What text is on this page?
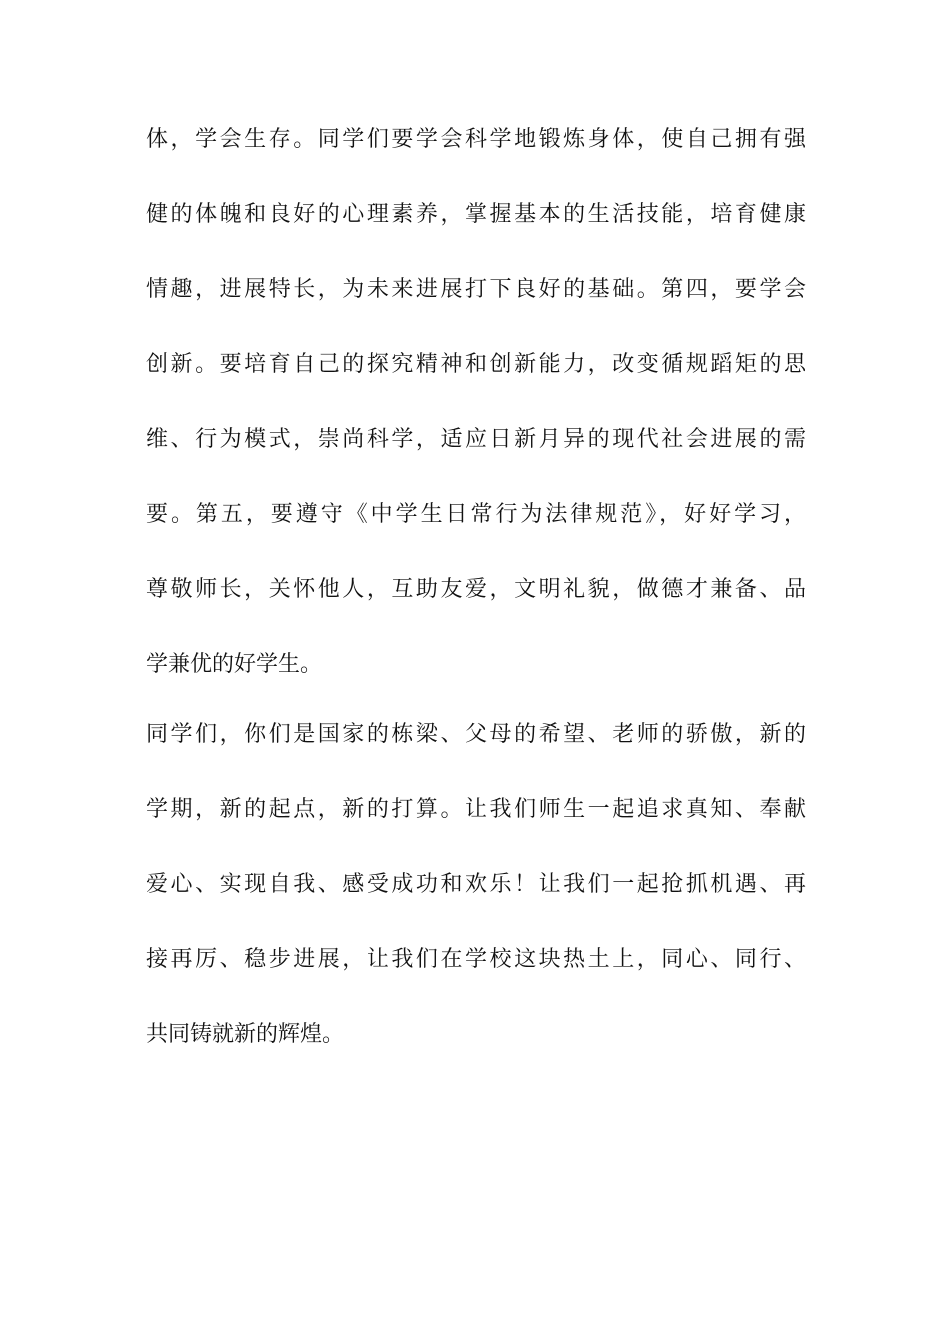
体，学会生存。同学们要学会科学地锻炼身体，使自己拥有强
健的体魄和良好的心理素养，掌握基本的生活技能，培育健康
情趣，进展特长，为未来进展打下良好的基础。第四，要学会
创新。要培育自己的探究精神和创新能力，改变循规蹈矩的思
维、行为模式，崇尚科学，适应日新月异的现代社会进展的需
要。第五，要遵守《中学生日常行为法律规范》，好好学习，
尊敬师长，关怀他人，互助友爱，文明礼貌，做德才兼备、品
学兼优的好学生。
同学们，你们是国家的栋梁、父母的希望、老师的骄傲，新的
学期，新的起点，新的打算。让我们师生一起追求真知、奉献
爱心、实现自我、感受成功和欢乐！让我们一起抢抓机遇、再
接再厉、稳步进展，让我们在学校这块热土上，同心、同行、
共同铸就新的辉煌。
